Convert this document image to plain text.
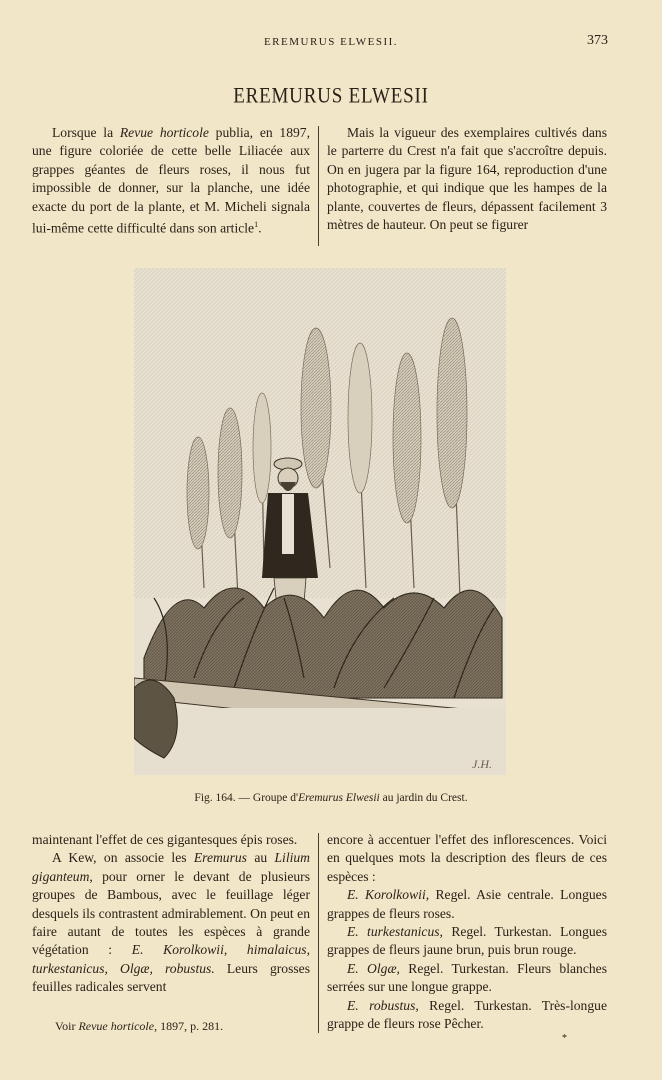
EREMURUS ELWESII.	373
EREMURUS ELWESII

Lorsque la Revue horticole publia, en 1897, une figure coloriée de cette belle Liliacée aux grappes géantes de fleurs roses, il nous fut impossible de donner, sur la planche, une idée exacte du port de la plante, et M. Micheli signala lui-même cette difficulté dans son article$^1$.

Mais la vigueur des exemplaires cultivés dans le parterre du Crest n'a fait que s'accroître depuis. On en jugera par la figure 164, reproduction d'une photographie, et qui indique que les hampes de la plante, couvertes de fleurs, dépassent facilement 3 mètres de hauteur. On peut se figurer

J.H.
Fig. 164. — Groupe d'Eremurus Elwesii au jardin du Crest.

maintenant l'effet de ces gigantesques épis roses.

A Kew, on associe les Eremurus au Lilium giganteum, pour orner le devant de plusieurs groupes de Bambous, avec le feuillage léger desquels ils contrastent admirablement. On peut en faire autant de toutes les espèces à grande végétation : E. Korolkowii, himalaicus, turkestanicus, Olgæ, robustus. Leurs grosses feuilles radicales servent

encore à accentuer l'effet des inflorescences. Voici en quelques mots la description des fleurs de ces espèces :

E. Korolkowii, Regel. Asie centrale. Longues grappes de fleurs roses.

E. turkestanicus, Regel. Turkestan. Longues grappes de fleurs jaune brun, puis brun rouge.

E. Olgæ, Regel. Turkestan. Fleurs blanches serrées sur une longue grappe.

E. robustus, Regel. Turkestan. Très-longue grappe de fleurs rose Pêcher.

Voir Revue horticole, 1897, p. 281.
*
